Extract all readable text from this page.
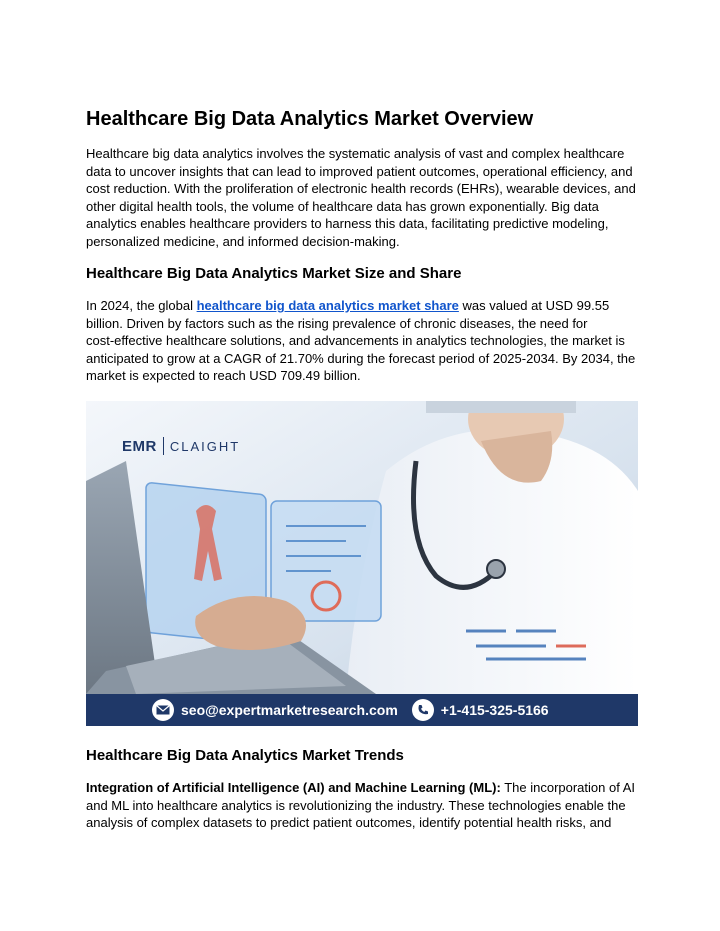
Healthcare Big Data Analytics Market Overview

Healthcare big data analytics involves the systematic analysis of vast and complex healthcare
data to uncover insights that can lead to improved patient outcomes, operational efficiency, and
cost reduction. With the proliferation of electronic health records (EHRs), wearable devices, and
other digital health tools, the volume of healthcare data has grown exponentially. Big data
analytics enables healthcare providers to harness this data, facilitating predictive modeling,
personalized medicine, and informed decision-making.

Healthcare Big Data Analytics Market Size and Share

In 2024, the global healthcare big data analytics market share was valued at USD 99.55
billion. Driven by factors such as the rising prevalence of chronic diseases, the need for
cost-effective healthcare solutions, and advancements in analytics technologies, the market is
anticipated to grow at a CAGR of 21.70% during the forecast period of 2025-2034. By 2034, the
market is expected to reach USD 709.49 billion.

EMR CLAIGHT
seo@expertmarketresearch.com	+1-415-325-5166
Healthcare Big Data Analytics Market Trends

Integration of Artificial Intelligence (AI) and Machine Learning (ML): The incorporation of AI
and ML into healthcare analytics is revolutionizing the industry. These technologies enable the
analysis of complex datasets to predict patient outcomes, identify potential health risks, and
